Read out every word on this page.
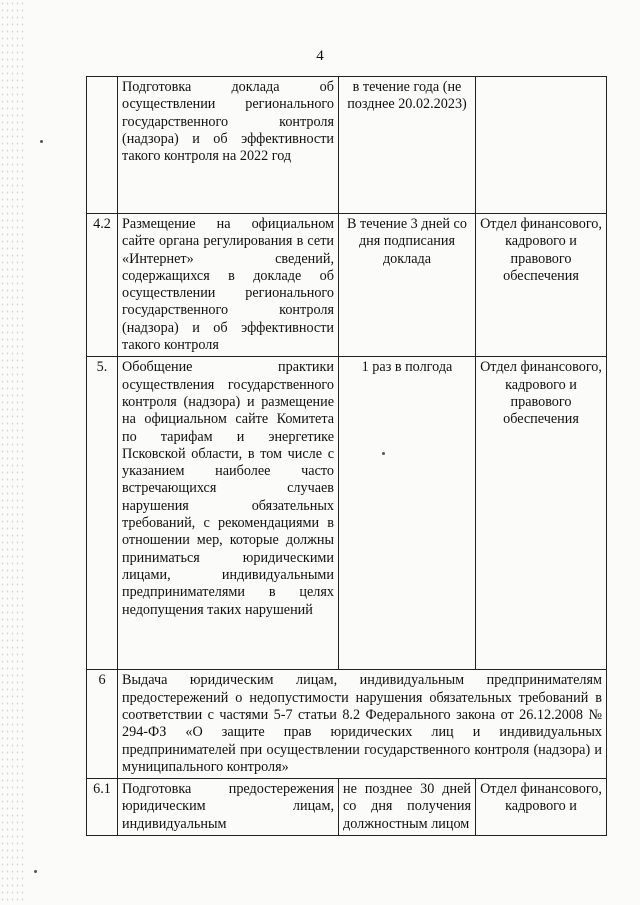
4
	Подготовка доклада об осуществлении регионального государственного контроля (надзора) и об эффективности такого контроля на 2022 год	в течение года (не позднее 20.02.2023)	
4.2	Размещение на официальном сайте органа регулирования в сети «Интернет» сведений, содержащихся в докладе об осуществлении регионального государственного контроля (надзора) и об эффективности такого контроля	В течение 3 дней со дня подписания доклада	Отдел финансового, кадрового и правового обеспечения
5.	Обобщение практики осуществления государственного контроля (надзора) и размещение на официальном сайте Комитета по тарифам и энергетике Псковской области, в том числе с указанием наиболее часто встречающихся случаев нарушения обязательных требований, с рекомендациями в отношении мер, которые должны приниматься юридическими лицами, индивидуальными предпринимателями в целях недопущения таких нарушений	1 раз в полгода	Отдел финансового, кадрового и правового обеспечения
6	Выдача юридическим лицам, индивидуальным предпринимателям предостережений о недопустимости нарушения обязательных требований в соответствии с частями 5-7 статьи 8.2 Федерального закона от 26.12.2008 № 294-ФЗ «О защите прав юридических лиц и индивидуальных предпринимателей при осуществлении государственного контроля (надзора) и муниципального контроля»		
6.1	Подготовка предостережения юридическим лицам, индивидуальным	не позднее 30 дней со дня получения должностным лицом	Отдел финансового, кадрового и
